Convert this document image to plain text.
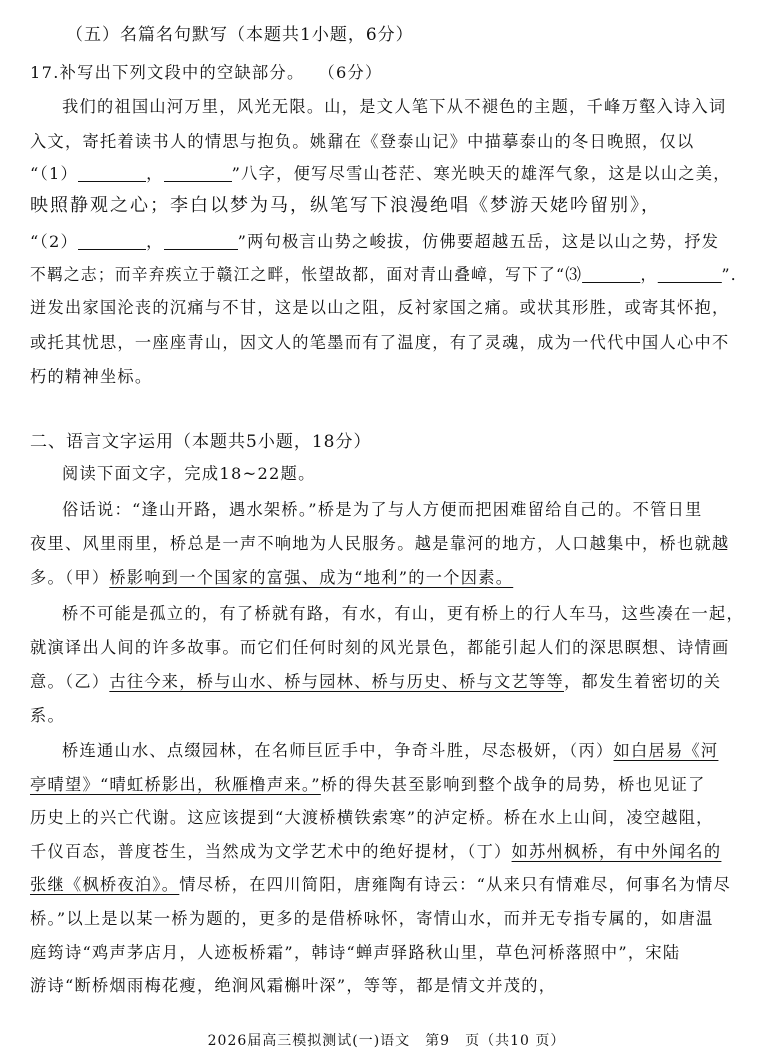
（五）名篇名句默写（本题共1小题，6分）
17.补写出下列文段中的空缺部分。 （6分）
我们的祖国山河万里，风光无限。山，是文人笔下从不褪色的主题，千峰万壑入诗入词
入文，寄托着读书人的情思与抱负。姚鼐在《登泰山记》中描摹泰山的冬日晚照，仅以
“（1）	，	”八字，便写尽雪山苍茫、寒光映天的雄浑气象，这是以山之美，
映照静观之心；李白以梦为马，纵笔写下浪漫绝唱《梦游天姥吟留别》，
“（2）	，	”两句极言山势之峻拔，仿佛要超越五岳，这是以山之势，抒发
不羁之志；而辛弃疾立于赣江之畔，怅望故都，面对青山叠嶂，写下了“⑶	，	”．
迸发出家国沦丧的沉痛与不甘，这是以山之阻，反衬家国之痛。或状其形胜，或寄其怀抱，
或托其忧思，一座座青山，因文人的笔墨而有了温度，有了灵魂，成为一代代中国人心中不
朽的精神坐标。
二、语言文字运用（本题共5小题，18分）
阅读下面文字，完成18~22题。
俗话说：“逢山开路，遇水架桥。”桥是为了与人方便而把困难留给自己的。不管日里
夜里、风里雨里，桥总是一声不响地为人民服务。越是靠河的地方，人口越集中，桥也就越
多。（甲）桥影响到一个国家的富强、成为“地利”的一个因素。
桥不可能是孤立的，有了桥就有路，有水，有山，更有桥上的行人车马，这些凑在一起，
就演译出人间的许多故事。而它们任何时刻的风光景色，都能引起人们的深思瞑想、诗情画
意。（乙）古往今来，桥与山水、桥与园林、桥与历史、桥与文艺等等，都发生着密切的关
系。
桥连通山水、点缀园林，在名师巨匠手中，争奇斗胜，尽态极妍，（丙）如白居易《河
亭晴望》“晴虹桥影出，秋雁橹声来。”桥的得失甚至影响到整个战争的局势，桥也见证了
历史上的兴亡代谢。这应该提到“大渡桥横铁索寒”的泸定桥。桥在水上山间，凌空越阻，
千仪百态，普度苍生，当然成为文学艺术中的绝好提材，（丁）如苏州枫桥，有中外闻名的
张继《枫桥夜泊》。情尽桥，在四川简阳，唐雍陶有诗云：“从来只有情难尽，何事名为情尽
桥。”以上是以某一桥为题的，更多的是借桥咏怀，寄情山水，而并无专指专属的，如唐温
庭筠诗“鸡声茅店月，人迹板桥霜”，韩诗“蝉声驿路秋山里，草色河桥落照中”，宋陆
游诗“断桥烟雨梅花瘦，绝涧风霜槲叶深”，等等，都是情文并茂的，
2026届高三模拟测试(一)语文　第9　页（共10 页）
